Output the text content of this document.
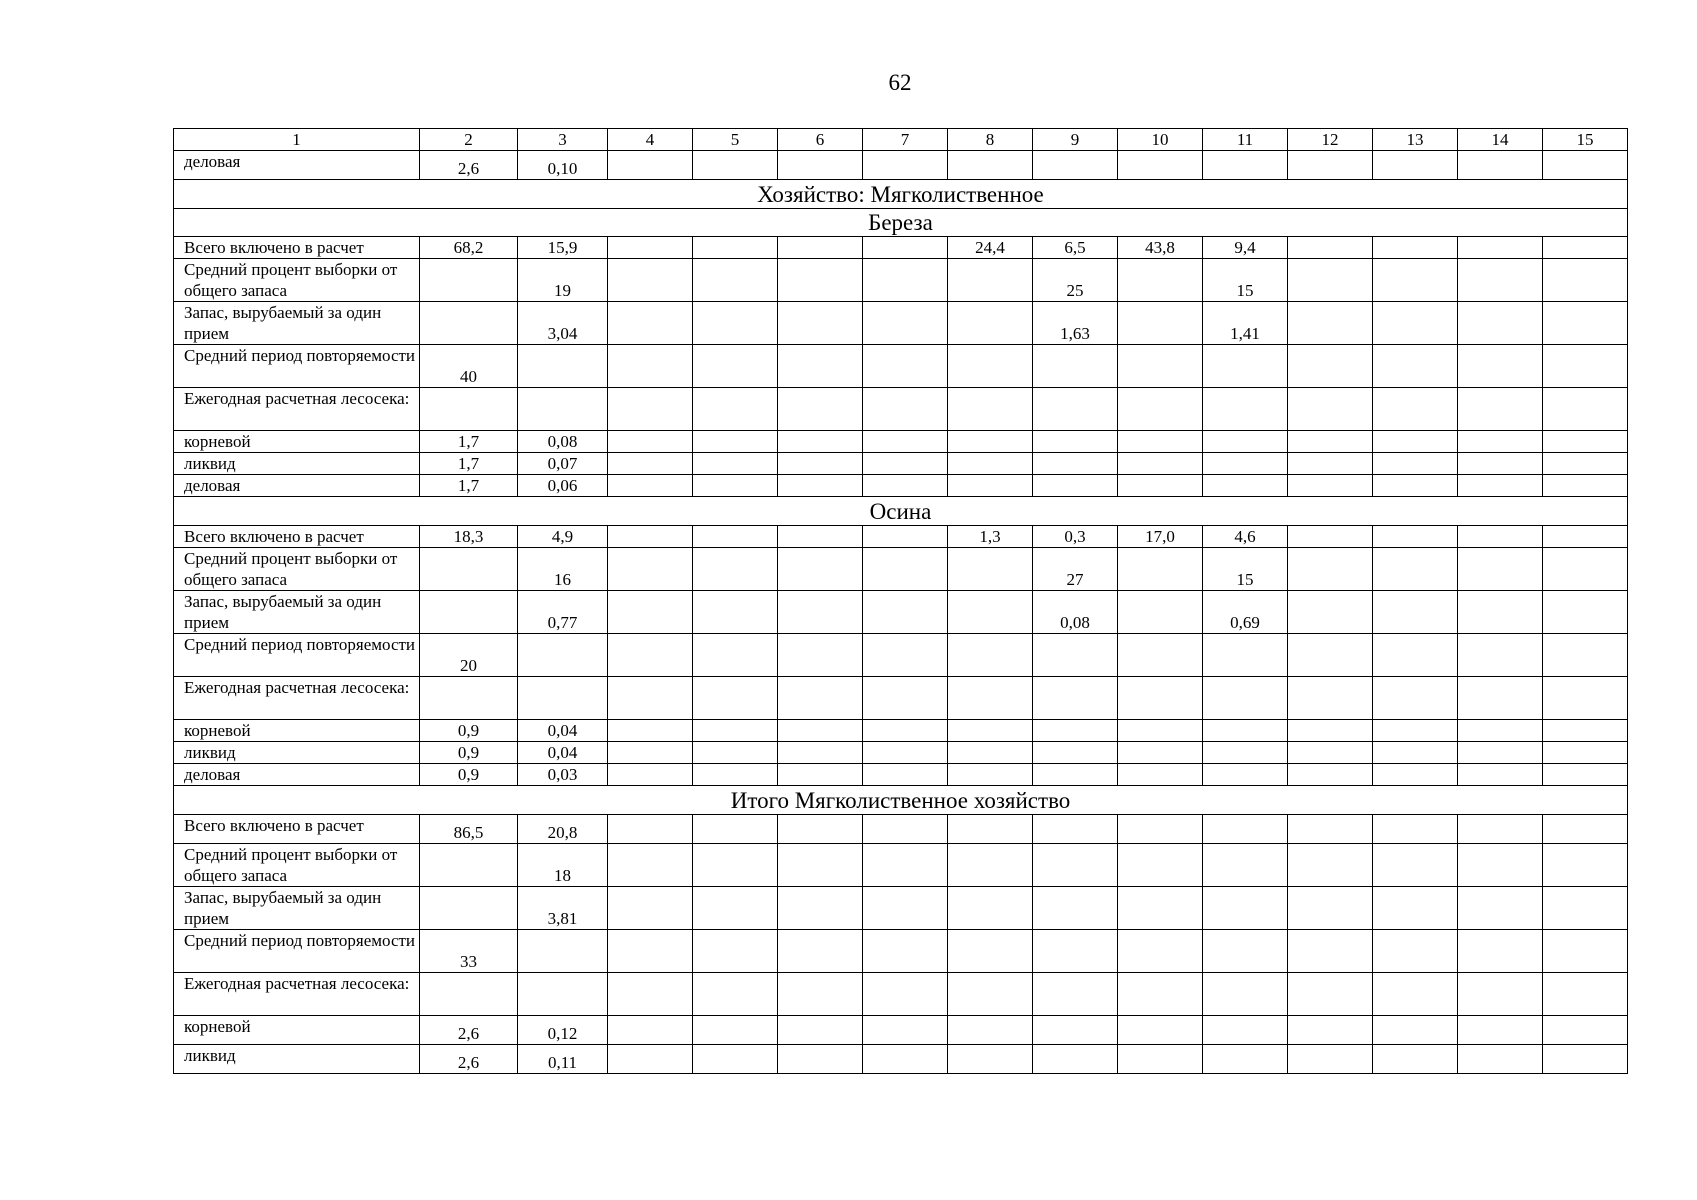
62
1	2	3	4	5	6	7	8	9	10	11	12	13	14	15
деловая	2,6	0,10												
Хозяйство: Мягколиственное														
Береза														
Всего включено в расчет	68,2	15,9					24,4	6,5	43,8	9,4				
Средний процент выборки от общего запаса		19						25		15				
Запас, вырубаемый за один прием		3,04						1,63		1,41				
Средний период повторяемости	40													
Ежегодная расчетная лесосека:														
корневой	1,7	0,08												
ликвид	1,7	0,07												
деловая	1,7	0,06												
Осина														
Всего включено в расчет	18,3	4,9					1,3	0,3	17,0	4,6				
Средний процент выборки от общего запаса		16						27		15				
Запас, вырубаемый за один прием		0,77						0,08		0,69				
Средний период повторяемости	20													
Ежегодная расчетная лесосека:														
корневой	0,9	0,04												
ликвид	0,9	0,04												
деловая	0,9	0,03												
Итого Мягколиственное хозяйство														
Всего включено в расчет	86,5	20,8												
Средний процент выборки от общего запаса		18												
Запас, вырубаемый за один прием		3,81												
Средний период повторяемости	33													
Ежегодная расчетная лесосека:														
корневой	2,6	0,12												
ликвид	2,6	0,11												
